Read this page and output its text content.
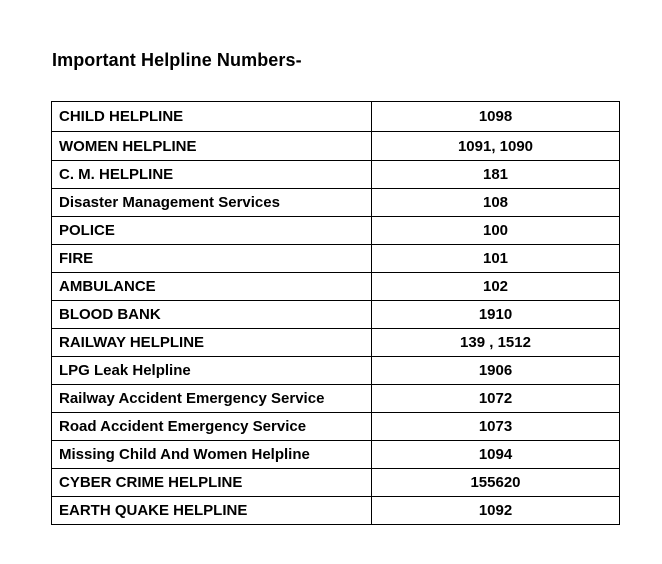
Important Helpline Numbers-
CHILD HELPLINE	1098
WOMEN HELPLINE	1091, 1090
C. M. HELPLINE	181
Disaster Management Services	108
POLICE	100
FIRE	101
AMBULANCE	102
BLOOD BANK	1910
RAILWAY HELPLINE	139 , 1512
LPG Leak Helpline	1906
Railway Accident Emergency Service	1072
Road Accident Emergency Service	1073
Missing Child And Women Helpline	1094
CYBER CRIME HELPLINE	155620
EARTH QUAKE HELPLINE	1092
